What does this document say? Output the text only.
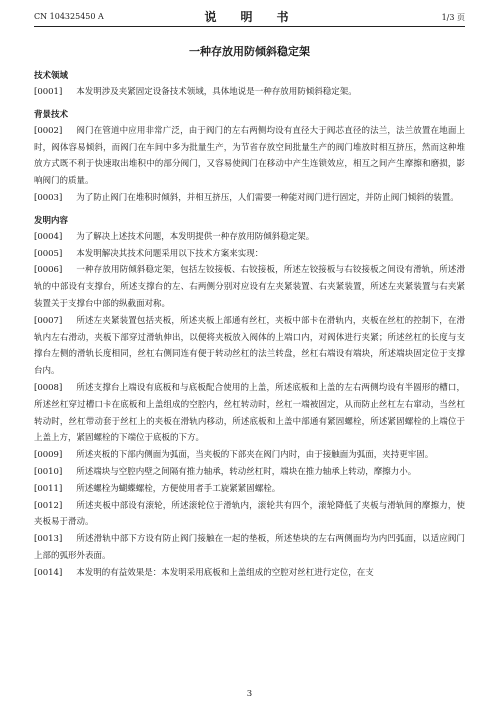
CN 104325450 A	说　明　书	1/3 页
一种存放用防倾斜稳定架
技术领域

[0001] 本发明涉及夹紧固定设备技术领域，具体地说是一种存放用防倾斜稳定架。

背景技术

[0002] 阀门在管道中应用非常广泛，由于阀门的左右两侧均设有直径大于阀芯直径的法兰，法兰放置在地面上时，阀体容易倾斜，而阀门在车间中多为批量生产，为节省存放空间批量生产的阀门堆放时相互挤压，然而这种堆放方式既不利于快速取出堆积中的部分阀门，又容易使阀门在移动中产生连锁效应，相互之间产生摩擦和磨损，影响阀门的质量。

[0003] 为了防止阀门在堆积时倾斜，并相互挤压，人们需要一种能对阀门进行固定，并防止阀门倾斜的装置。

发明内容

[0004] 为了解决上述技术问题，本发明提供一种存放用防倾斜稳定架。

[0005] 本发明解决其技术问题采用以下技术方案来实现：

[0006] 一种存放用防倾斜稳定架，包括左铰接板、右铰接板，所述左铰接板与右铰接板之间设有滑轨，所述滑轨的中部设有支撑台，所述支撑台的左、右两侧分别对应设有左夹紧装置、右夹紧装置，所述左夹紧装置与右夹紧装置关于支撑台中部的纵截面对称。

[0007] 所述左夹紧装置包括夹板，所述夹板上部通有丝杠，夹板中部卡在滑轨内，夹板在丝杠的控制下，在滑轨内左右滑动，夹板下部穿过滑轨伸出，以便将夹板放入阀体的上端口内，对阀体进行夹紧；所述丝杠的长度与支撑台左侧的滑轨长度相同，丝杠右侧同连有便于转动丝杠的法兰转盘，丝杠右端设有端块，所述端块固定位于支撑台内。

[0008] 所述支撑台上端设有底板和与底板配合使用的上盖，所述底板和上盖的左右两侧均设有半圆形的槽口，所述丝杠穿过槽口卡在底板和上盖组成的空腔内，丝杠转动时，丝杠一端被固定，从而防止丝杠左右窜动，当丝杠转动时，丝杠带动套于丝杠上的夹板在滑轨内移动，所述底板和上盖中部通有紧固螺栓，所述紧固螺栓的上端位于上盖上方，紧固螺栓的下端位于底板的下方。

[0009] 所述夹板的下部内侧面为弧面，当夹板的下部夹在阀门内时，由于接触面为弧面，夹持更牢固。

[0010] 所述端块与空腔内壁之间隔有推力轴承，转动丝杠时，端块在推力轴承上转动，摩擦力小。

[0011] 所述螺栓为蝴蝶螺栓，方便使用者手工旋紧紧固螺栓。

[0012] 所述夹板中部设有滚轮，所述滚轮位于滑轨内，滚轮共有四个，滚轮降低了夹板与滑轨间的摩擦力，使夹板易于滑动。

[0013] 所述滑轨中部下方设有防止阀门接触在一起的垫板，所述垫块的左右两侧面均为内凹弧面，以适应阀门上部的弧形外表面。

[0014] 本发明的有益效果是：本发明采用底板和上盖组成的空腔对丝杠进行定位，在支

3
